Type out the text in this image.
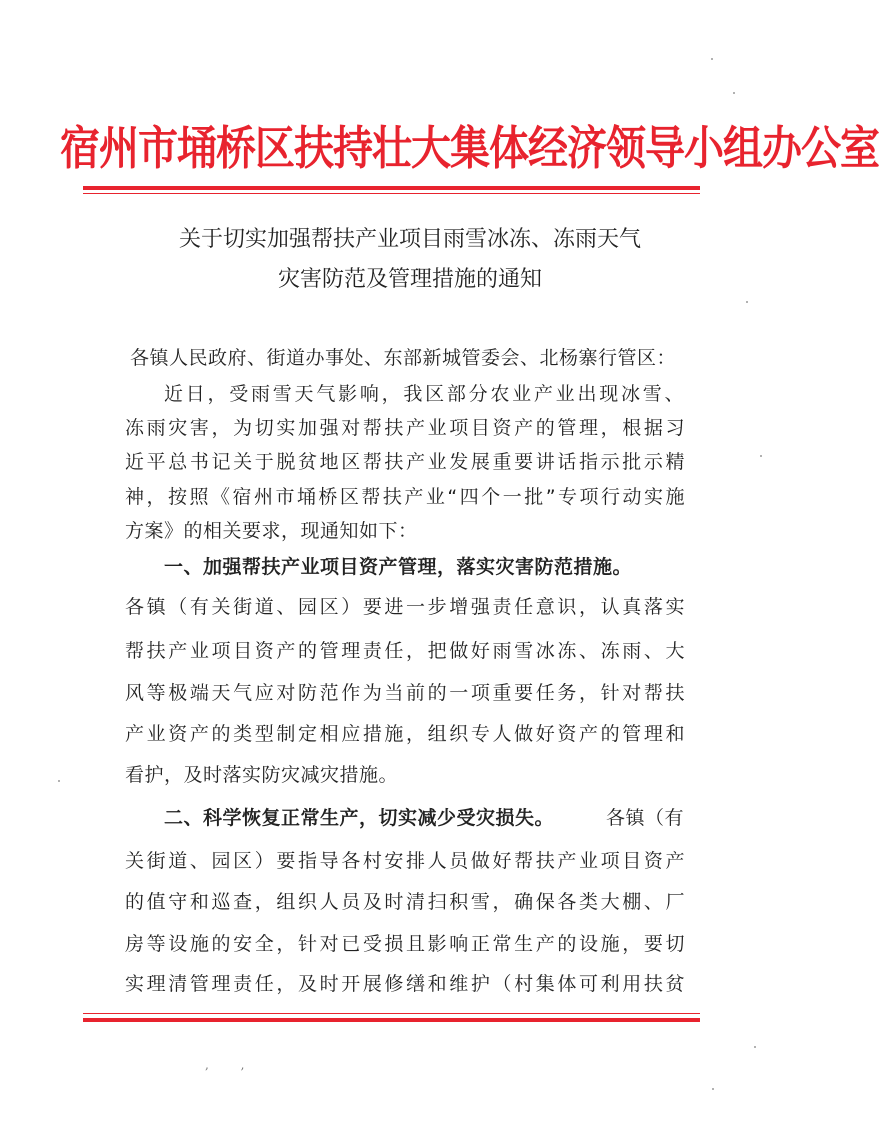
宿州市埇桥区扶持壮大集体经济领导小组办公室
关于切实加强帮扶产业项目雨雪冰冻、冻雨天气
灾害防范及管理措施的通知
各镇人民政府、街道办事处、东部新城管委会、北杨寨行管区：
近日，受雨雪天气影响，我区部分农业产业出现冰雪、
冻雨灾害，为切实加强对帮扶产业项目资产的管理，根据习
近平总书记关于脱贫地区帮扶产业发展重要讲话指示批示精
神，按照《宿州市埇桥区帮扶产业“四个一批”专项行动实施
方案》的相关要求，现通知如下：
一、加强帮扶产业项目资产管理，落实灾害防范措施。
各镇（有关街道、园区）要进一步增强责任意识，认真落实
帮扶产业项目资产的管理责任，把做好雨雪冰冻、冻雨、大
风等极端天气应对防范作为当前的一项重要任务，针对帮扶
产业资产的类型制定相应措施，组织专人做好资产的管理和
看护，及时落实防灾减灾措施。
二、科学恢复正常生产，切实减少受灾损失。	各镇（有
关街道、园区）要指导各村安排人员做好帮扶产业项目资产
的值守和巡查，组织人员及时清扫积雪，确保各类大棚、厂
房等设施的安全，针对已受损且影响正常生产的设施，要切
实理清管理责任，及时开展修缮和维护（村集体可利用扶贫
, ,
